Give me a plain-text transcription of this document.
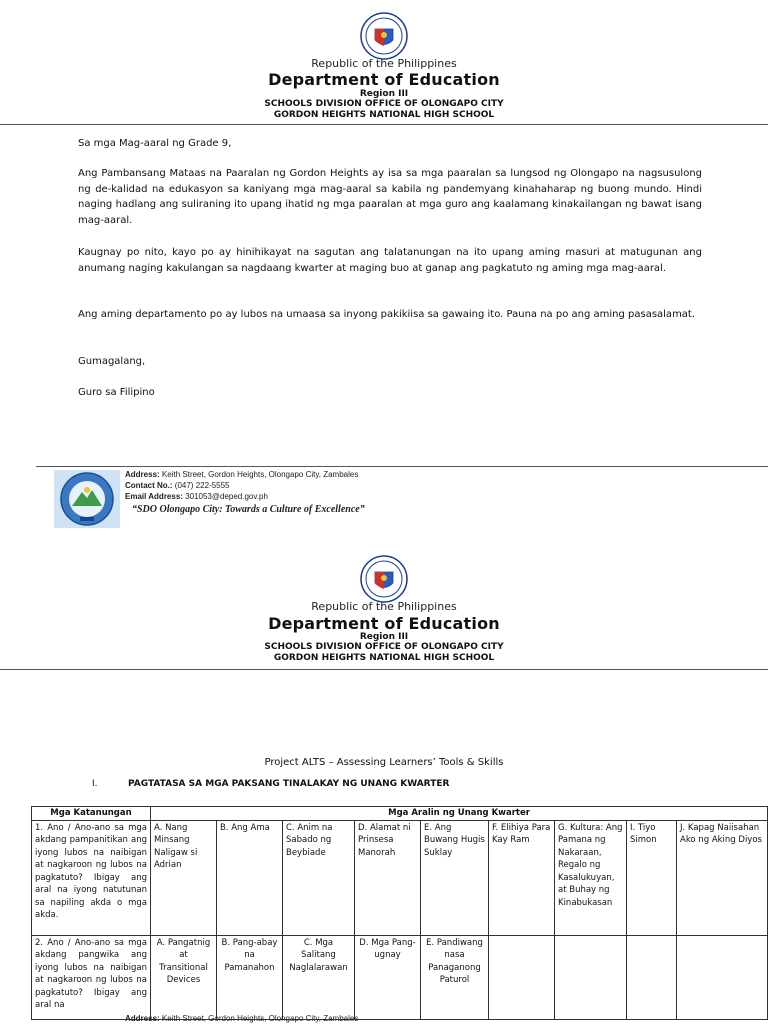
Republic of the Philippines
Department of Education
Region III
SCHOOLS DIVISION OFFICE OF OLONGAPO CITY
GORDON HEIGHTS NATIONAL HIGH SCHOOL
Sa mga Mag-aaral ng Grade 9,
Ang Pambansang Mataas na Paaralan ng Gordon Heights ay isa sa mga paaralan sa lungsod ng Olongapo na nagsusulong ng de-kalidad na edukasyon sa kaniyang mga mag-aaral sa kabila ng pandemyang kinahaharap ng buong mundo. Hindi naging hadlang ang suliraning ito upang ihatid ng mga paaralan at mga guro ang kaalamang kinakailangan ng bawat isang mag-aaral.
Kaugnay po nito, kayo po ay hinihikayat na sagutan ang talatanungan na ito upang aming masuri at matugunan ang anumang naging kakulangan sa nagdaang kwarter at maging buo at ganap ang pagkatuto ng aming mga mag-aaral.
Ang aming departamento po ay lubos na umaasa sa inyong pakikiisa sa gawaing ito. Pauna na po ang aming pasasalamat.
Gumagalang,
Guro sa Filipino
Address: Keith Street, Gordon Heights, Olongapo City, Zambales
Contact No.: (047) 222-5555
Email Address: 301053@deped.gov.ph
“SDO Olongapo City: Towards a Culture of Excellence”
Republic of the Philippines
Department of Education
Region III
SCHOOLS DIVISION OFFICE OF OLONGAPO CITY
GORDON HEIGHTS NATIONAL HIGH SCHOOL
Project ALTS – Assessing Learners’ Tools & Skills
I.	PAGTATASA SA MGA PAKSANG TINALAKAY NG UNANG KWARTER
Mga Katanungan	Mga Aralin ng Unang Kwarter								
1. Ano / Ano-ano sa mga akdang pampanitikan ang iyong lubos na naibigan at nagkaroon ng lubos na pagkatuto? Ibigay ang aral na iyong natutunan sa napiling akda o mga akda.	A. Nang Minsang Naligaw si Adrian	B. Ang Ama	C. Anim na Sabado ng Beybiade	D. Alamat ni Prinsesa Manorah	E. Ang Buwang Hugis Suklay	F. Elihiya Para Kay Ram	G. Kultura: Ang Pamana ng Nakaraan, Regalo ng Kasalukuyan, at Buhay ng Kinabukasan	I. Tiyo Simon	J. Kapag Naiisahan Ako ng Aking Diyos
2. Ano / Ano-ano sa mga akdang pangwika ang iyong lubos na naibigan at nagkaroon ng lubos na pagkatuto? Ibigay ang aral na	A. Pangatnig at Transitional Devices	B. Pang-abay na Pamanahon	C. Mga Salitang Naglalarawan	D. Mga Pang-ugnay	E. Pandiwang nasa Panaganong Paturol				
Address: Keith Street, Gordon Heights, Olongapo City, Zambales
